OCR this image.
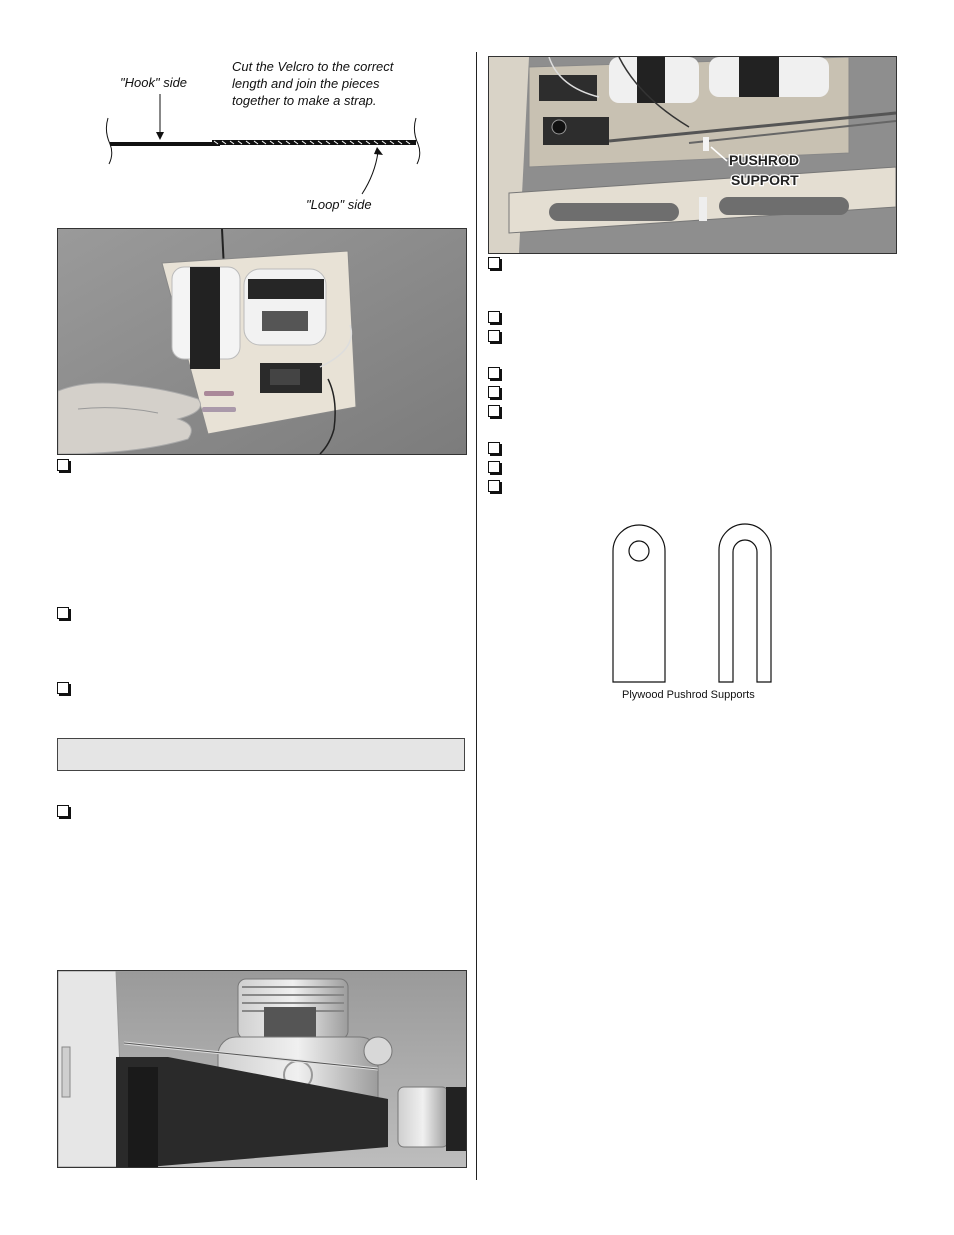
"Hook" side
Cut the Velcro to the correct length and join the pieces together to make a strap.
"Loop" side
PUSHROD
SUPPORT
Plywood Pushrod Supports
